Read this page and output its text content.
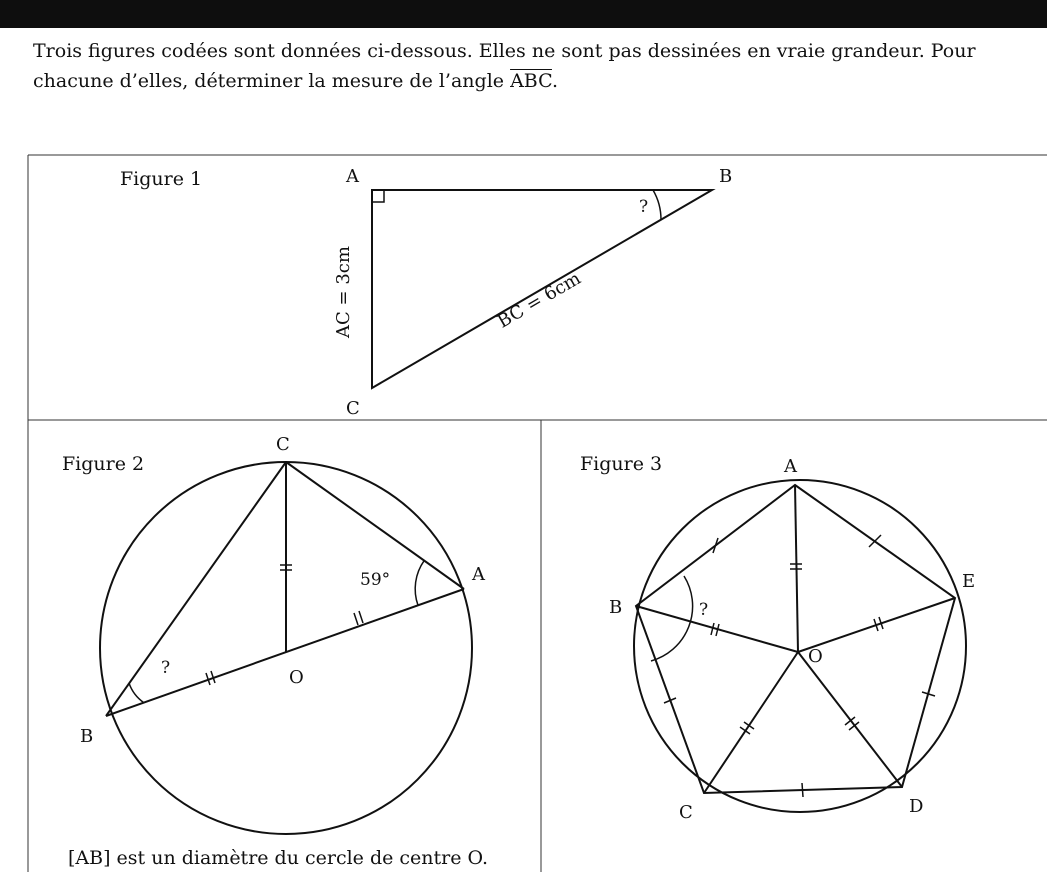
Trois figures codées sont données ci-dessous. Elles ne sont pas dessinées en vraie grandeur. Pour
chacune d’elles, déterminer la mesure de l’angle $\overline{ABC}$.

Figure 1
?
A	B
C
AC = 3cm	BC = 6cm
Figure 2
59°
?
C
A
B
O
[AB] est un diamètre du cercle de centre O.
Figure 3
?
A
E
B
O
C	D
